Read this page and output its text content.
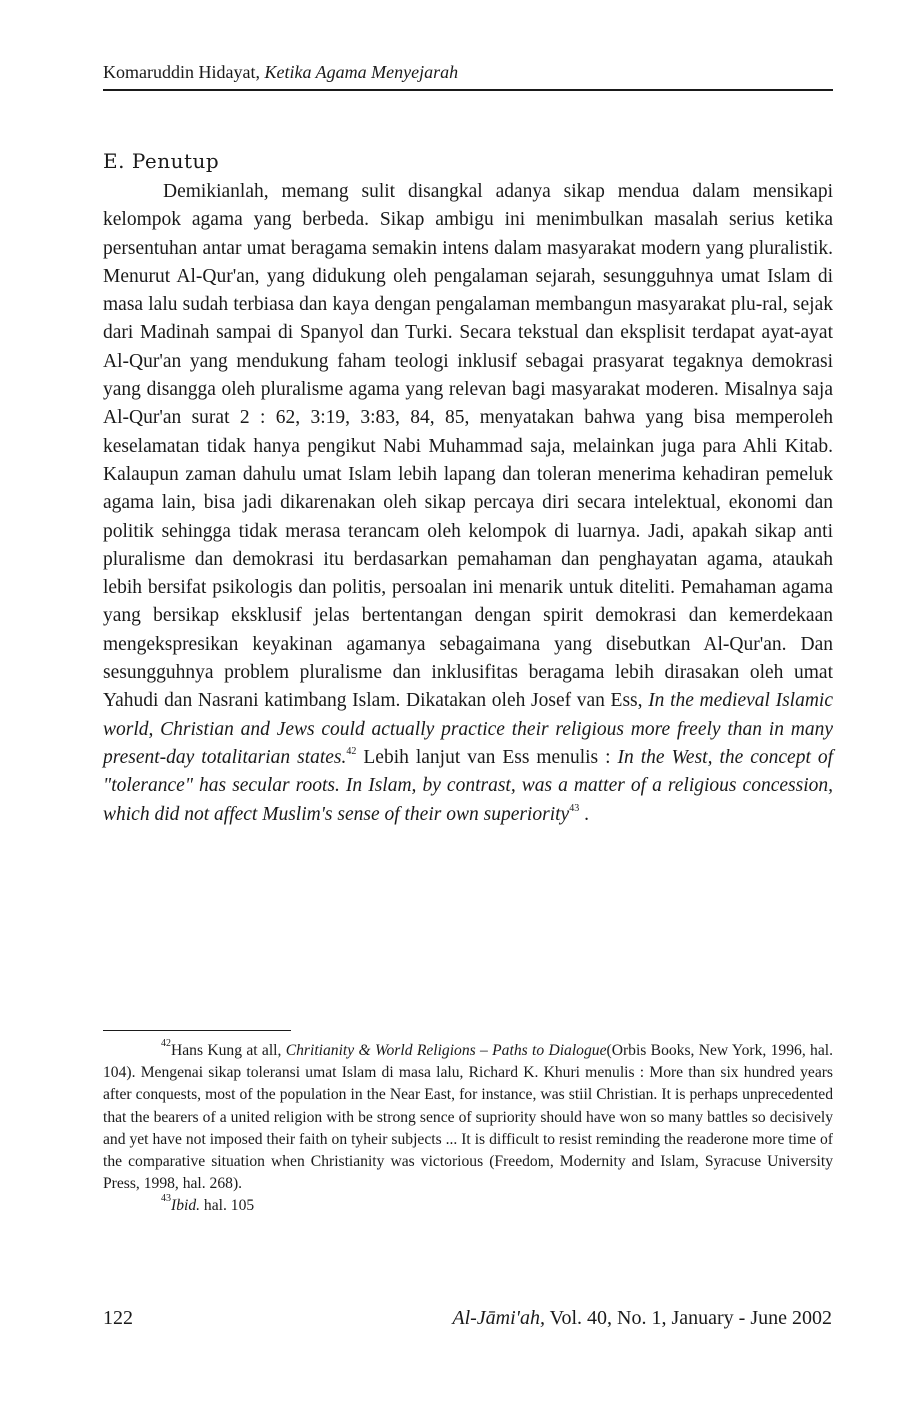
Komaruddin Hidayat, Ketika Agama Menyejarah
E. Penutup

Demikianlah, memang sulit disangkal adanya sikap mendua dalam mensikapi kelompok agama yang berbeda. Sikap ambigu ini menimbulkan masalah serius ketika persentuhan antar umat beragama semakin intens dalam masyarakat modern yang pluralistik. Menurut Al-Qur'an, yang didukung oleh pengalaman sejarah, sesungguhnya umat Islam di masa lalu sudah terbiasa dan kaya dengan pengalaman membangun masyarakat plu-ral, sejak dari Madinah sampai di Spanyol dan Turki. Secara tekstual dan eksplisit terdapat ayat-ayat Al-Qur'an yang mendukung faham teologi inklusif sebagai prasyarat tegaknya demokrasi yang disangga oleh pluralisme agama yang relevan bagi masyarakat moderen. Misalnya saja Al-Qur'an surat 2 : 62, 3:19, 3:83, 84, 85, menyatakan bahwa yang bisa memperoleh keselamatan tidak hanya pengikut Nabi Muhammad saja, melainkan juga para Ahli Kitab. Kalaupun zaman dahulu umat Islam lebih lapang dan toleran menerima kehadiran pemeluk agama lain, bisa jadi dikarenakan oleh sikap percaya diri secara intelektual, ekonomi dan politik sehingga tidak merasa terancam oleh kelompok di luarnya. Jadi, apakah sikap anti pluralisme dan demokrasi itu berdasarkan pemahaman dan penghayatan agama, ataukah lebih bersifat psikologis dan politis, persoalan ini menarik untuk diteliti. Pemahaman agama yang bersikap eksklusif jelas bertentangan dengan spirit demokrasi dan kemerdekaan mengekspresikan keyakinan agamanya sebagaimana yang disebutkan Al-Qur'an. Dan sesungguhnya problem pluralisme dan inklusifitas beragama lebih dirasakan oleh umat Yahudi dan Nasrani katimbang Islam. Dikatakan oleh Josef van Ess, In the medieval Islamic world, Christian and Jews could actually practice their religious more freely than in many present-day totalitarian states.$^{42}$ Lebih lanjut van Ess menulis : In the West, the concept of "tolerance" has secular roots. In Islam, by contrast, was a matter of a religious concession, which did not affect Muslim's sense of their own superiority$^{43}$ .

$^{42}$Hans Kung at all, Chritianity & World Religions – Paths to Dialogue(Orbis Books, New York, 1996, hal. 104). Mengenai sikap toleransi umat Islam di masa lalu, Richard K. Khuri menulis : More than six hundred years after conquests, most of the population in the Near East, for instance, was stiil Christian. It is perhaps unprecedented that the bearers of a united religion with be strong sence of supriority should have won so many battles so decisively and yet have not imposed their faith on tyheir subjects ... It is difficult to resist reminding the readerone more time of the comparative situation when Christianity was victorious (Freedom, Modernity and Islam, Syracuse University Press, 1998, hal. 268).

$^{43}$Ibid. hal. 105

122	Al-Jāmi'ah, Vol. 40, No. 1, January - June 2002
